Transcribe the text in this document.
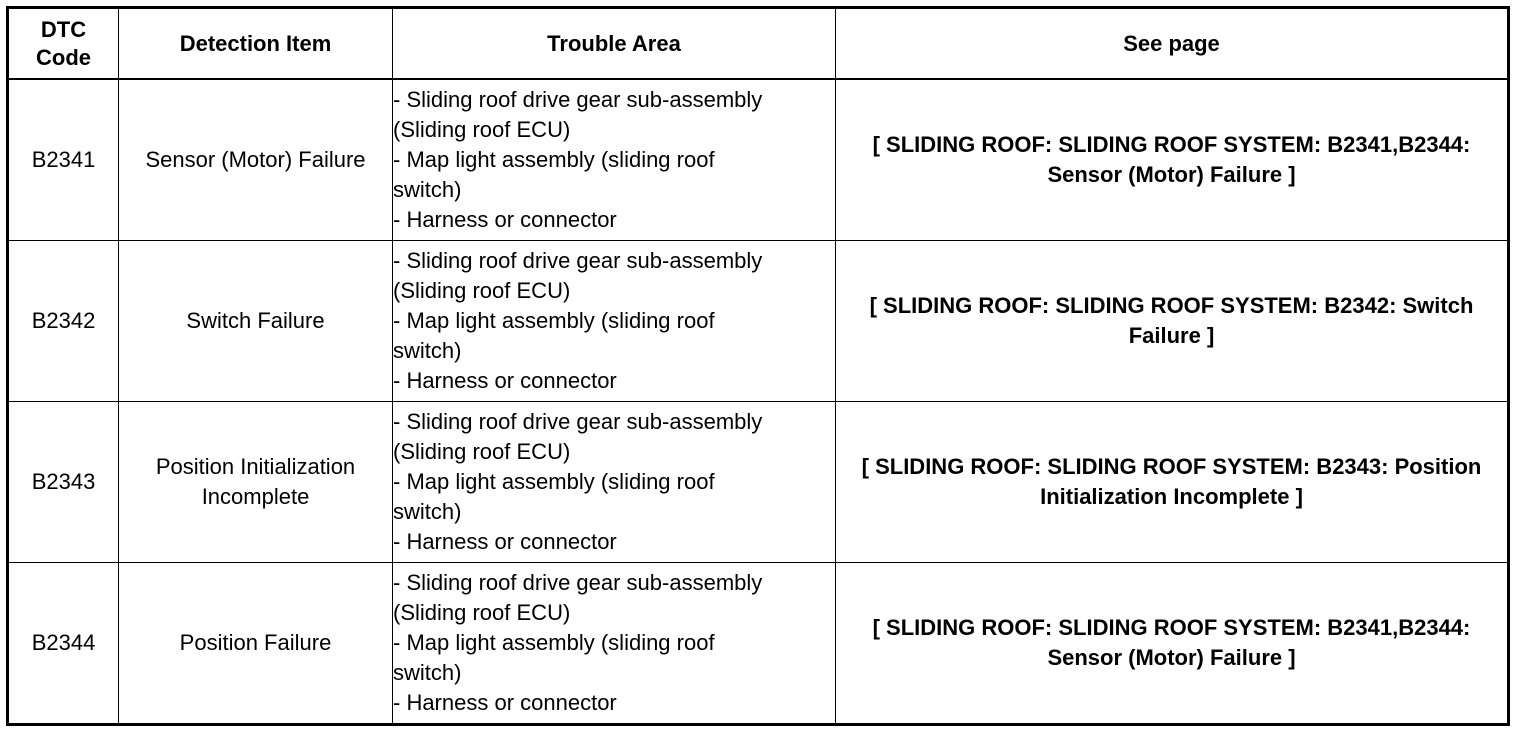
DTC
Code	Detection Item	Trouble Area	See page
B2341	Sensor (Motor) Failure	- Sliding roof drive gear sub-assembly
(Sliding roof ECU)
- Map light assembly (sliding roof
switch)
- Harness or connector	[ SLIDING ROOF: SLIDING ROOF SYSTEM: B2341,B2344: Sensor (Motor) Failure ]
B2342	Switch Failure	- Sliding roof drive gear sub-assembly
(Sliding roof ECU)
- Map light assembly (sliding roof
switch)
- Harness or connector	[ SLIDING ROOF: SLIDING ROOF SYSTEM: B2342: Switch Failure ]
B2343	Position Initialization Incomplete	- Sliding roof drive gear sub-assembly
(Sliding roof ECU)
- Map light assembly (sliding roof
switch)
- Harness or connector	[ SLIDING ROOF: SLIDING ROOF SYSTEM: B2343: Position Initialization Incomplete ]
B2344	Position Failure	- Sliding roof drive gear sub-assembly
(Sliding roof ECU)
- Map light assembly (sliding roof
switch)
- Harness or connector	[ SLIDING ROOF: SLIDING ROOF SYSTEM: B2341,B2344: Sensor (Motor) Failure ]
